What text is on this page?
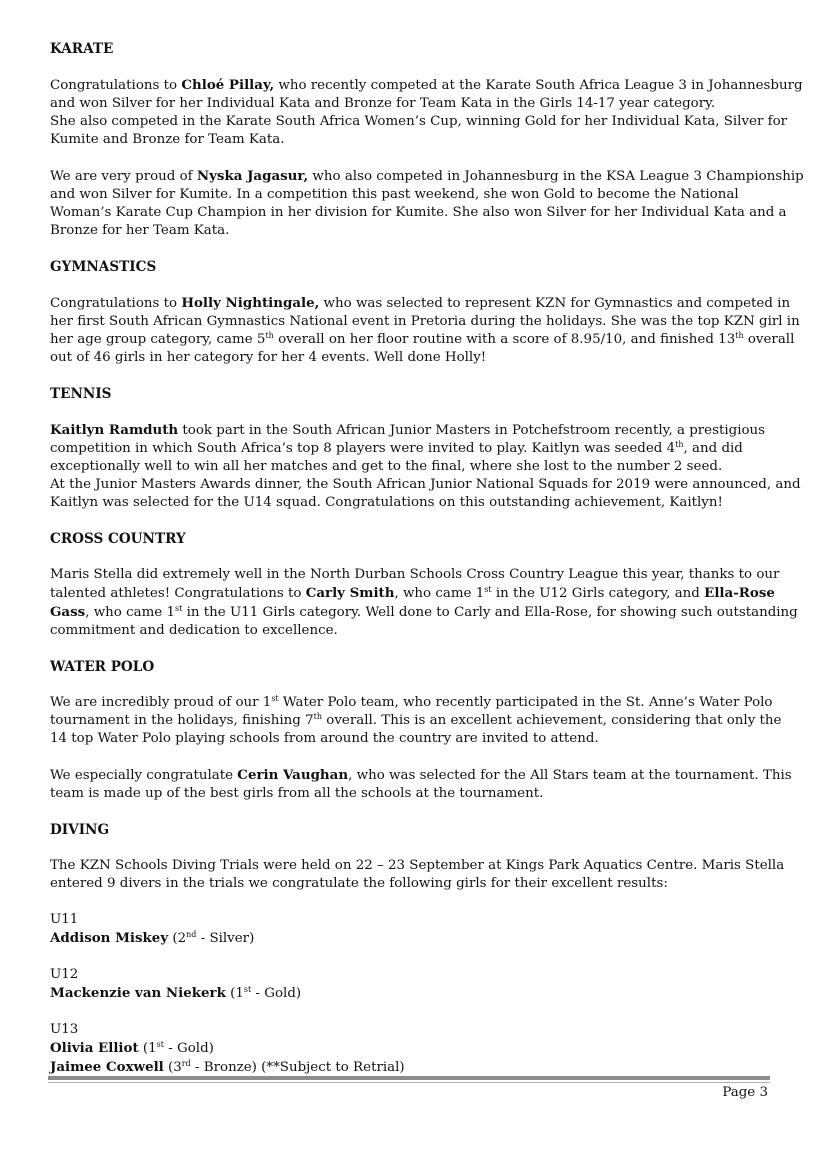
KARATE
Congratulations to Chloé Pillay, who recently competed at the Karate South Africa League 3 in Johannesburg
and won Silver for her Individual Kata and Bronze for Team Kata in the Girls 14-17 year category.
She also competed in the Karate South Africa Women’s Cup, winning Gold for her Individual Kata, Silver for
Kumite and Bronze for Team Kata.
We are very proud of Nyska Jagasur, who also competed in Johannesburg in the KSA League 3 Championship
and won Silver for Kumite. In a competition this past weekend, she won Gold to become the National
Woman’s Karate Cup Champion in her division for Kumite. She also won Silver for her Individual Kata and a
Bronze for her Team Kata.
GYMNASTICS
Congratulations to Holly Nightingale, who was selected to represent KZN for Gymnastics and competed in
her first South African Gymnastics National event in Pretoria during the holidays. She was the top KZN girl in
her age group category, came 5th overall on her floor routine with a score of 8.95/10, and finished 13th overall
out of 46 girls in her category for her 4 events. Well done Holly!
TENNIS
Kaitlyn Ramduth took part in the South African Junior Masters in Potchefstroom recently, a prestigious
competition in which South Africa’s top 8 players were invited to play. Kaitlyn was seeded 4th, and did
exceptionally well to win all her matches and get to the final, where she lost to the number 2 seed.
At the Junior Masters Awards dinner, the South African Junior National Squads for 2019 were announced, and
Kaitlyn was selected for the U14 squad. Congratulations on this outstanding achievement, Kaitlyn!
CROSS COUNTRY
Maris Stella did extremely well in the North Durban Schools Cross Country League this year, thanks to our
talented athletes! Congratulations to Carly Smith, who came 1st in the U12 Girls category, and Ella-Rose
Gass, who came 1st in the U11 Girls category. Well done to Carly and Ella-Rose, for showing such outstanding
commitment and dedication to excellence.
WATER POLO
We are incredibly proud of our 1st Water Polo team, who recently participated in the St. Anne’s Water Polo
tournament in the holidays, finishing 7th overall. This is an excellent achievement, considering that only the
14 top Water Polo playing schools from around the country are invited to attend.
We especially congratulate Cerin Vaughan, who was selected for the All Stars team at the tournament. This
team is made up of the best girls from all the schools at the tournament.
DIVING
The KZN Schools Diving Trials were held on 22 – 23 September at Kings Park Aquatics Centre. Maris Stella
entered 9 divers in the trials we congratulate the following girls for their excellent results:
U11
Addison Miskey (2nd - Silver)
U12
Mackenzie van Niekerk (1st - Gold)
U13
Olivia Elliot (1st - Gold)
Jaimee Coxwell (3rd - Bronze) (**Subject to Retrial)
Page 3
